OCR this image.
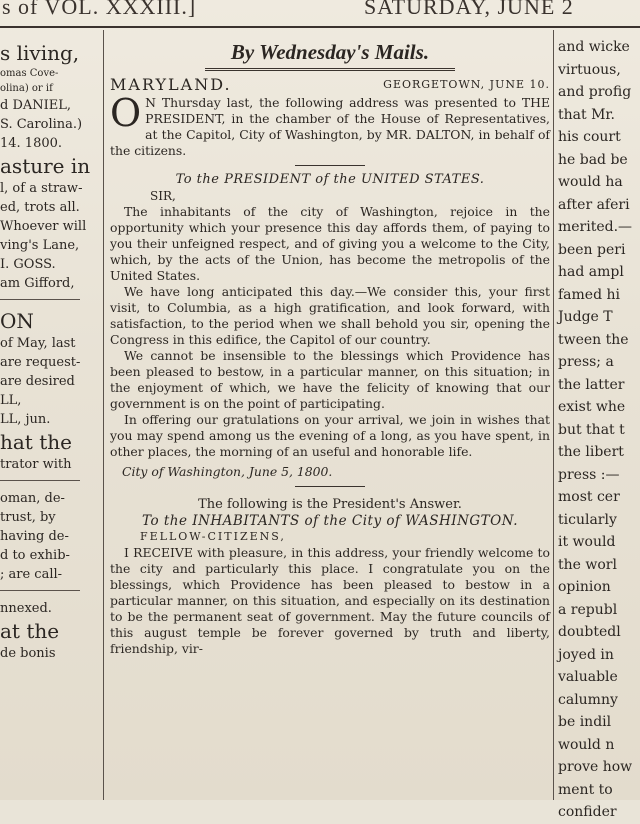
s of VOL. XXXIII.]	SATURDAY, JUNE 2
s living,
omas Cove-
olina) or if
d DANIEL,
S. Carolina.)
14. 1800.
asture in
l, of a straw-
ed, trots all.
Whoever will
ving's Lane,
I. GOSS.
am Gifford,
ON
of May, last
are request-
are desired
LL,
LL, jun.
hat the
trator with
oman, de-
trust, by
having de-
d to exhib-
; are call-
nnexed.
at the
de bonis
By Wednesday's Mails.
MARYLAND.	GEORGETOWN, JUNE 10.
O N Thursday last, the following address was presented to THE PRESIDENT, in the chamber of the House of Representatives, at the Capitol, City of Washington, by MR. DALTON, in behalf of the citizens.
To the PRESIDENT of the UNITED STATES.
SIR,

The inhabitants of the city of Washington, rejoice in the opportunity which your presence this day affords them, of paying to you their unfeigned respect, and of giving you a welcome to the City, which, by the acts of the Union, has become the metropolis of the United States.

We have long anticipated this day.—We consider this, your first visit, to Columbia, as a high gratification, and look forward, with satisfaction, to the period when we shall behold you sir, opening the Congress in this edifice, the Capitol of our country.

We cannot be insensible to the blessings which Providence has been pleased to bestow, in a particular manner, on this situation; in the enjoyment of which, we have the felicity of knowing that our government is on the point of participating.

In offering our gratulations on your arrival, we join in wishes that you may spend among us the evening of a long, as you have spent, in other places, the morning of an useful and honorable life.

City of Washington, June 5, 1800.
The following is the President's Answer.
To the INHABITANTS of the City of WASHINGTON.
FELLOW-CITIZENS,

I RECEIVE with pleasure, in this address, your friendly welcome to the city and particularly this place. I congratulate you on the blessings, which Providence has been pleased to bestow in a particular manner, on this situation, and especially on its destination to be the permanent seat of government. May the future councils of this august temple be forever governed by truth and liberty, friendship, vir-

and wicke
virtuous,
and profig
that Mr.
his court
he bad be
would ha
after aferi
merited.—
been peri
had ampl
famed hi
Judge T
tween the
press; a
the latter
exist whe
but that t
the libert
press :—
most cer
ticularly
it would
the worl
opinion
a republ
doubtedl
joyed in
valuable
calumny
be indil
would n
prove how
ment to
confider
